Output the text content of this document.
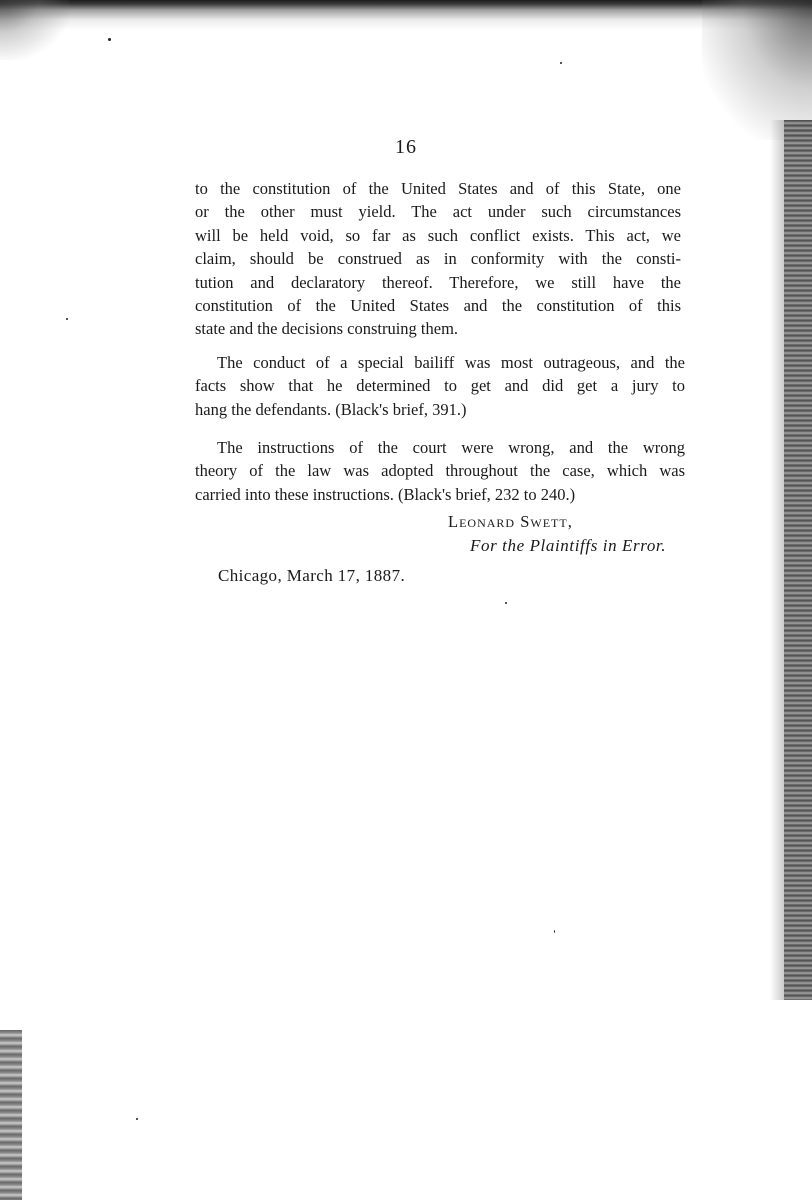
16
to the constitution of the United States and of this State, one
or the other must yield. The act under such circumstances
will be held void, so far as such conflict exists. This act, we
claim, should be construed as in conformity with the consti-
tution and declaratory thereof. Therefore, we still have the
constitution of the United States and the constitution of this
state and the decisions construing them.
The conduct of a special bailiff was most outrageous, and the
facts show that he determined to get and did get a jury to
hang the defendants. (Black's brief, 391.)
The instructions of the court were wrong, and the wrong
theory of the law was adopted throughout the case, which was
carried into these instructions. (Black's brief, 232 to 240.)
Leonard Swett,
For the Plaintiffs in Error.
Chicago, March 17, 1887.
